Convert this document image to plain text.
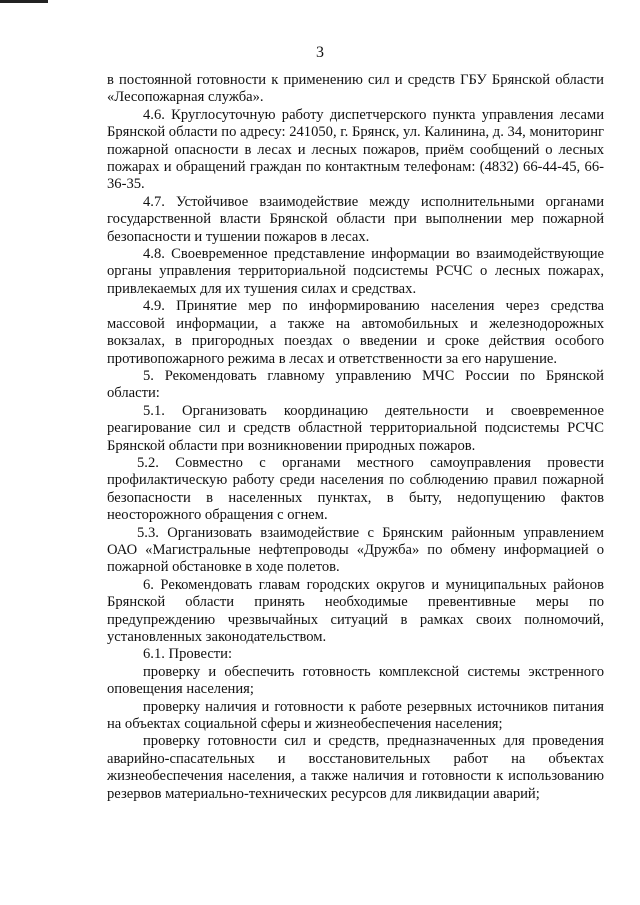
3

в постоянной готовности к применению сил и средств ГБУ Брянской области «Лесопожарная служба».

4.6. Круглосуточную работу диспетчерского пункта управления лесами Брянской области по адресу: 241050, г. Брянск, ул. Калинина, д. 34, мониторинг пожарной опасности в лесах и лесных пожаров, приём сообщений о лесных пожарах и обращений граждан по контактным телефонам: (4832) 66-44-45, 66-36-35.

4.7. Устойчивое взаимодействие между исполнительными органами государственной власти Брянской области при выполнении мер пожарной безопасности и тушении пожаров в лесах.

4.8. Своевременное представление информации во взаимодействующие органы управления территориальной подсистемы РСЧС о лесных пожарах, привлекаемых для их тушения силах и средствах.

4.9. Принятие мер по информированию населения через средства массовой информации, а также на автомобильных и железнодорожных вокзалах, в пригородных поездах о введении и сроке действия особого противопожарного режима в лесах и ответственности за его нарушение.

5. Рекомендовать главному управлению МЧС России по Брянской области:

5.1. Организовать координацию деятельности и своевременное реагирование сил и средств областной территориальной подсистемы РСЧС Брянской области при возникновении природных пожаров.

5.2. Совместно с органами местного самоуправления провести профилактическую работу среди населения по соблюдению правил пожарной безопасности в населенных пунктах, в быту, недопущению фактов неосторожного обращения с огнем.

5.3. Организовать взаимодействие с Брянским районным управлением ОАО «Магистральные нефтепроводы «Дружба» по обмену информацией о пожарной обстановке в ходе полетов.

6. Рекомендовать главам городских округов и муниципальных районов Брянской области принять необходимые превентивные меры по предупреждению чрезвычайных ситуаций в рамках своих полномочий, установленных законодательством.

6.1. Провести:

проверку и обеспечить готовность комплексной системы экстренного оповещения населения;

проверку наличия и готовности к работе резервных источников питания на объектах социальной сферы и жизнеобеспечения населения;

проверку готовности сил и средств, предназначенных для проведения аварийно-спасательных и восстановительных работ на объектах жизнеобеспечения населения, а также наличия и готовности к использованию резервов материально-технических ресурсов для ликвидации аварий;
